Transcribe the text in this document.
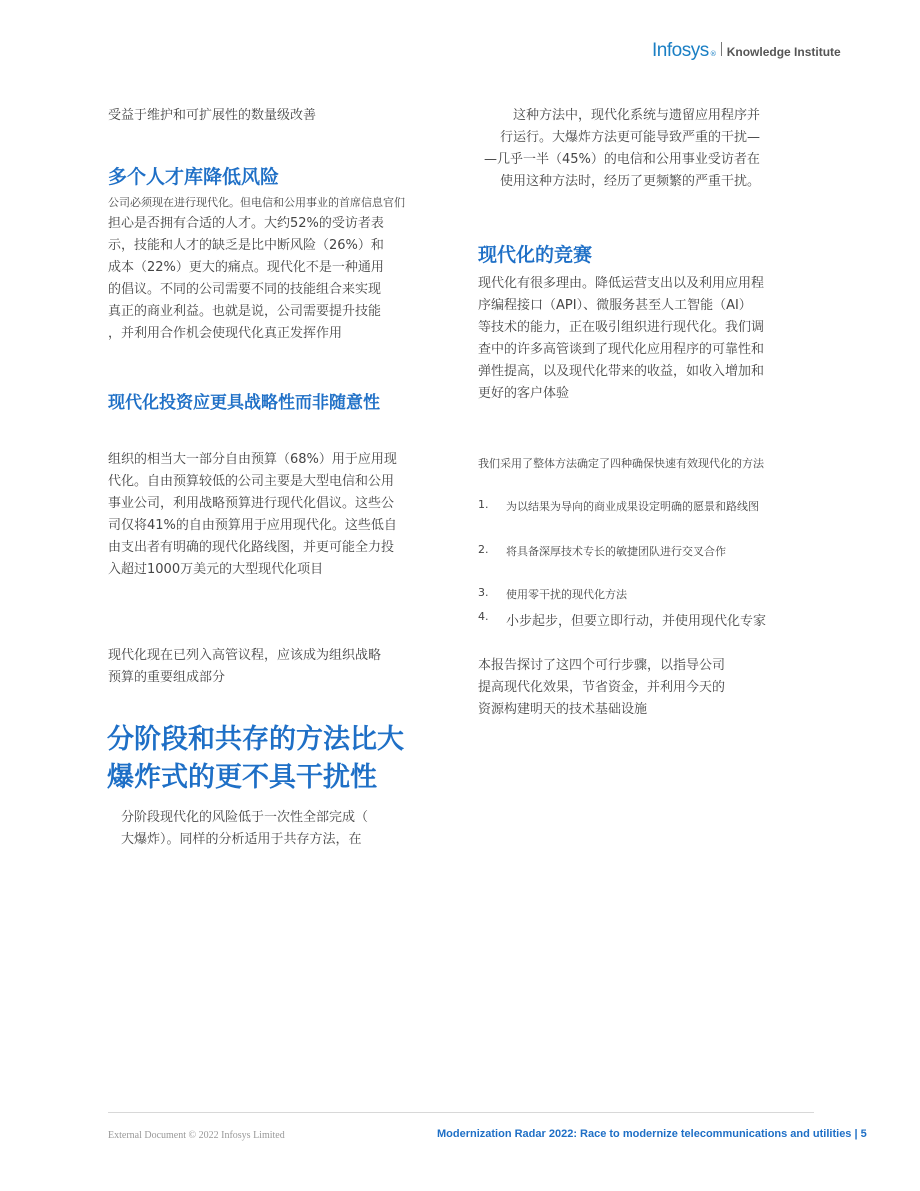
Infosys ® Knowledge Institute
受益于维护和可扩展性的数量级改善
多个人才库降低风险
公司必须现在进行现代化。但电信和公用事业的首席信息官们
担心是否拥有合适的人才。大约52%的受访者表
示，技能和人才的缺乏是比中断风险（26%）和
成本（22%）更大的痛点。现代化不是一种通用
的倡议。不同的公司需要不同的技能组合来实现
真正的商业利益。也就是说，公司需要提升技能
，并利用合作机会使现代化真正发挥作用
现代化投资应更具战略性而非随意性
组织的相当大一部分自由预算（68%）用于应用现
代化。自由预算较低的公司主要是大型电信和公用
事业公司，利用战略预算进行现代化倡议。这些公
司仅将41%的自由预算用于应用现代化。这些低自
由支出者有明确的现代化路线图，并更可能全力投
入超过1000万美元的大型现代化项目
现代化现在已列入高管议程，应该成为组织战略
预算的重要组成部分
分阶段和共存的方法比大
爆炸式的更不具干扰性
分阶段现代化的风险低于一次性全部完成（
大爆炸）。同样的分析适用于共存方法，在
这种方法中，现代化系统与遗留应用程序并
行运行。大爆炸方法更可能导致严重的干扰—
—几乎一半（45%）的电信和公用事业受访者在
使用这种方法时，经历了更频繁的严重干扰。
现代化的竞赛
现代化有很多理由。降低运营支出以及利用应用程
序编程接口（API）、微服务甚至人工智能（AI）
等技术的能力，正在吸引组织进行现代化。我们调
查中的许多高管谈到了现代化应用程序的可靠性和
弹性提高，以及现代化带来的收益，如收入增加和
更好的客户体验
我们采用了整体方法确定了四种确保快速有效现代化的方法
1.	为以结果为导向的商业成果设定明确的愿景和路线图
2.	将具备深厚技术专长的敏捷团队进行交叉合作
3.	使用零干扰的现代化方法
4.	小步起步，但要立即行动，并使用现代化专家
本报告探讨了这四个可行步骤，以指导公司
提高现代化效果，节省资金，并利用今天的
资源构建明天的技术基础设施
External Document © 2022 Infosys Limited	Modernization Radar 2022: Race to modernize telecommunications and utilities | 5
